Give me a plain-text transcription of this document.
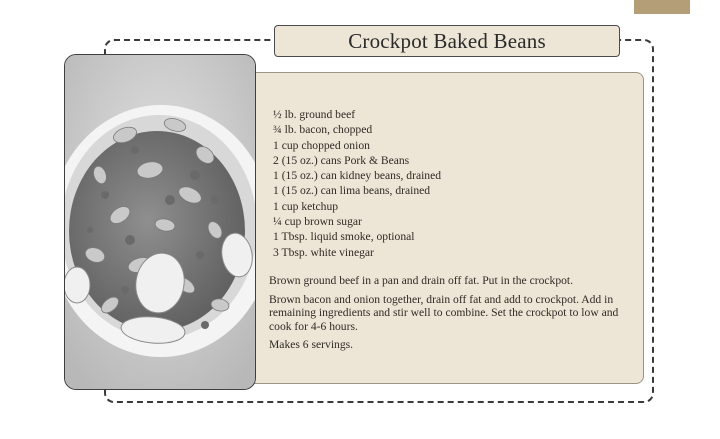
Crockpot Baked Beans
½ lb. ground beef
¾ lb. bacon, chopped
1 cup chopped onion
2 (15 oz.) cans Pork & Beans
1 (15 oz.) can kidney beans, drained
1 (15 oz.) can lima beans, drained
1 cup ketchup
¼ cup brown sugar
1 Tbsp. liquid smoke, optional
3 Tbsp. white vinegar

Brown ground beef in a pan and drain off fat. Put in the crockpot.

Brown bacon and onion together, drain off fat and add to crockpot. Add in remaining ingredients and stir well to combine. Set the crockpot to low and cook for 4-6 hours.

Makes 6 servings.
